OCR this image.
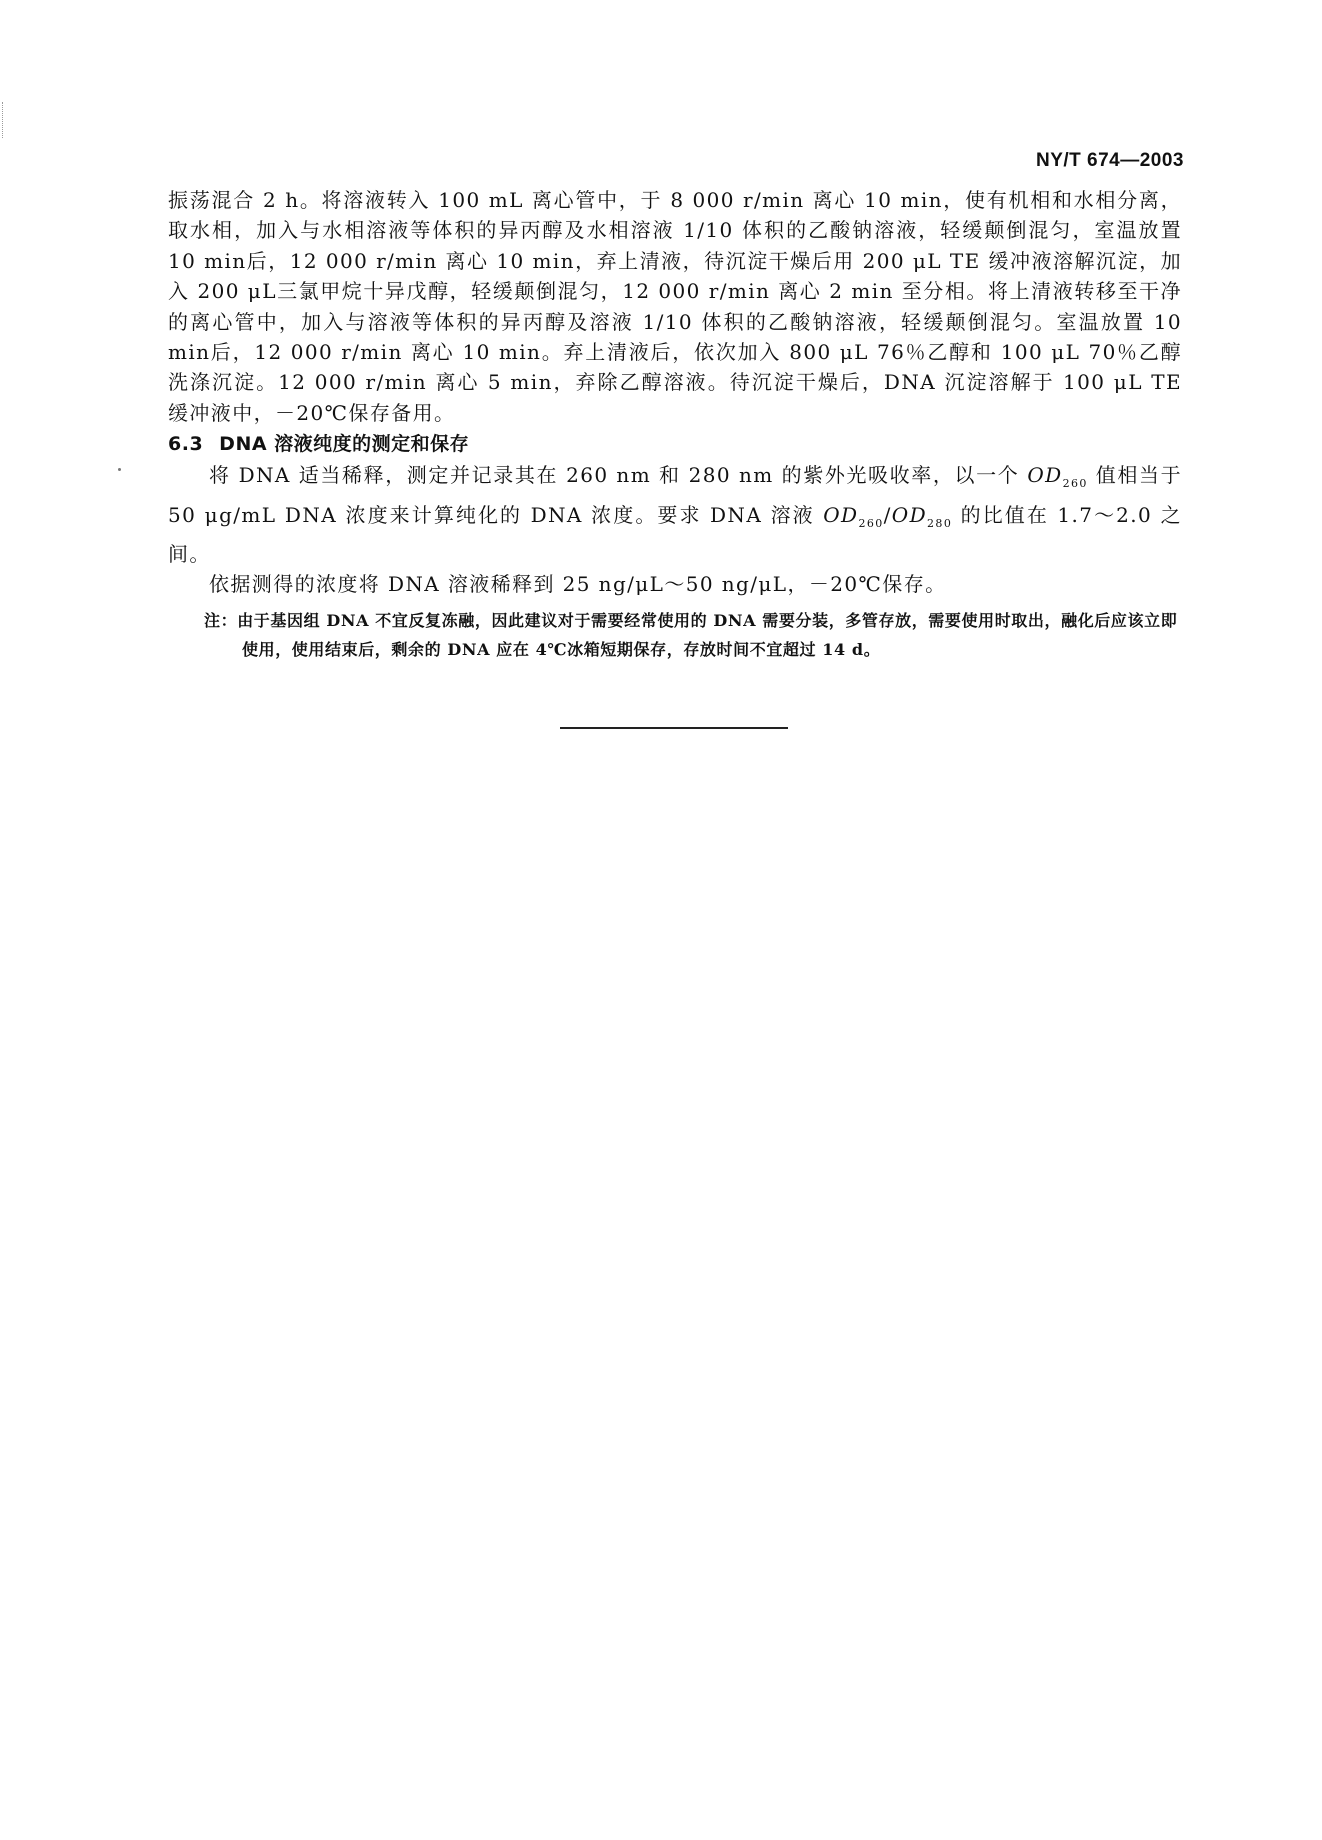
NY/T 674—2003

振荡混合 2 h。将溶液转入 100 mL 离心管中，于 8 000 r/min 离心 10 min，使有机相和水相分离，取水相，加入与水相溶液等体积的异丙醇及水相溶液 1/10 体积的乙酸钠溶液，轻缓颠倒混匀，室温放置 10 min后，12 000 r/min 离心 10 min，弃上清液，待沉淀干燥后用 200 μL TE 缓冲液溶解沉淀，加入 200 μL三氯甲烷十异戊醇，轻缓颠倒混匀，12 000 r/min 离心 2 min 至分相。将上清液转移至干净的离心管中，加入与溶液等体积的异丙醇及溶液 1/10 体积的乙酸钠溶液，轻缓颠倒混匀。室温放置 10 min后，12 000 r/min 离心 10 min。弃上清液后，依次加入 800 μL 76％乙醇和 100 μL 70％乙醇洗涤沉淀。12 000 r/min 离心 5 min，弃除乙醇溶液。待沉淀干燥后，DNA 沉淀溶解于 100 μL TE 缓冲液中，－20℃保存备用。

6.3 DNA 溶液纯度的测定和保存

将 DNA 适当稀释，测定并记录其在 260 nm 和 280 nm 的紫外光吸收率，以一个 $OD_{260}$ 值相当于 50 μg/mL DNA 浓度来计算纯化的 DNA 浓度。要求 DNA 溶液 $OD_{260}/OD_{280}$ 的比值在 1.7～2.0 之间。

依据测得的浓度将 DNA 溶液稀释到 25 ng/μL～50 ng/μL，－20℃保存。

注：由于基因组 DNA 不宜反复冻融，因此建议对于需要经常使用的 DNA 需要分装，多管存放，需要使用时取出，融化后应该立即使用，使用结束后，剩余的 DNA 应在 4℃冰箱短期保存，存放时间不宜超过 14 d。
